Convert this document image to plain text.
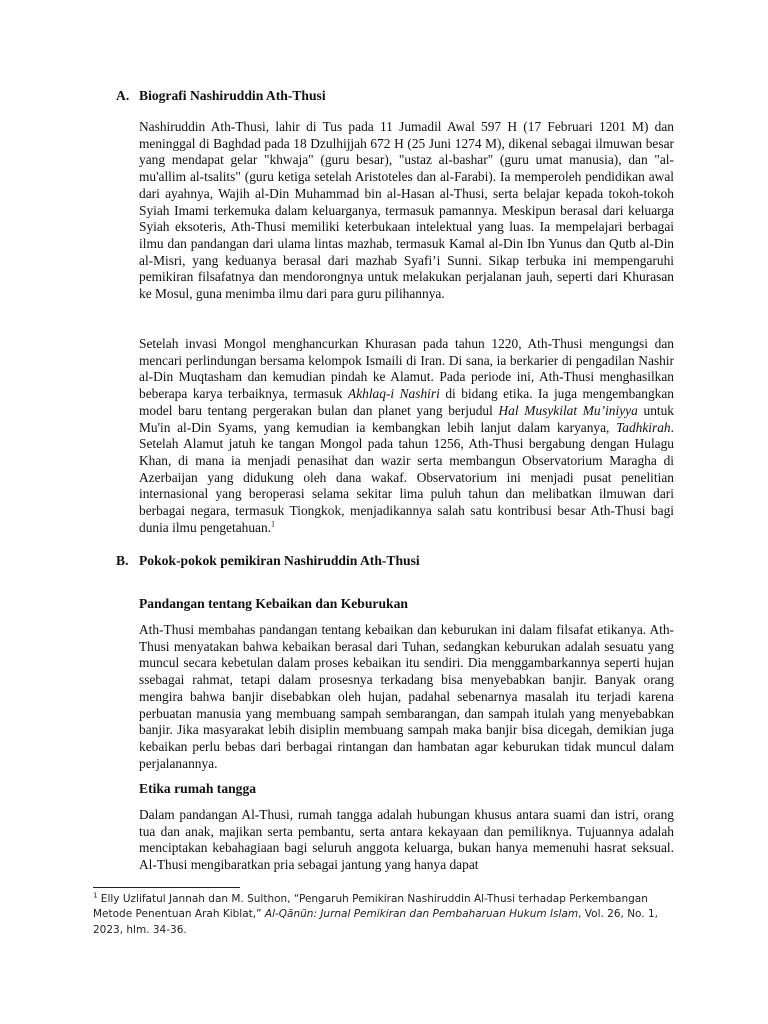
A. Biografi Nashiruddin Ath-Thusi

Nashiruddin Ath-Thusi, lahir di Tus pada 11 Jumadil Awal 597 H (17 Februari 1201 M) dan meninggal di Baghdad pada 18 Dzulhijjah 672 H (25 Juni 1274 M), dikenal sebagai ilmuwan besar yang mendapat gelar "khwaja" (guru besar), "ustaz al-bashar" (guru umat manusia), dan "al-mu'allim al-tsalits" (guru ketiga setelah Aristoteles dan al-Farabi). Ia memperoleh pendidikan awal dari ayahnya, Wajih al-Din Muhammad bin al-Hasan al-Thusi, serta belajar kepada tokoh-tokoh Syiah Imami terkemuka dalam keluarganya, termasuk pamannya. Meskipun berasal dari keluarga Syiah eksoteris, Ath-Thusi memiliki keterbukaan intelektual yang luas. Ia mempelajari berbagai ilmu dan pandangan dari ulama lintas mazhab, termasuk Kamal al-Din Ibn Yunus dan Qutb al-Din al-Misri, yang keduanya berasal dari mazhab Syafi’i Sunni. Sikap terbuka ini mempengaruhi pemikiran filsafatnya dan mendorongnya untuk melakukan perjalanan jauh, seperti dari Khurasan ke Mosul, guna menimba ilmu dari para guru pilihannya.

Setelah invasi Mongol menghancurkan Khurasan pada tahun 1220, Ath-Thusi mengungsi dan mencari perlindungan bersama kelompok Ismaili di Iran. Di sana, ia berkarier di pengadilan Nashir al-Din Muqtasham dan kemudian pindah ke Alamut. Pada periode ini, Ath-Thusi menghasilkan beberapa karya terbaiknya, termasuk Akhlaq-i Nashiri di bidang etika. Ia juga mengembangkan model baru tentang pergerakan bulan dan planet yang berjudul Hal Musykilat Mu’iniyya untuk Mu'in al-Din Syams, yang kemudian ia kembangkan lebih lanjut dalam karyanya, Tadhkirah. Setelah Alamut jatuh ke tangan Mongol pada tahun 1256, Ath-Thusi bergabung dengan Hulagu Khan, di mana ia menjadi penasihat dan wazir serta membangun Observatorium Maragha di Azerbaijan yang didukung oleh dana wakaf. Observatorium ini menjadi pusat penelitian internasional yang beroperasi selama sekitar lima puluh tahun dan melibatkan ilmuwan dari berbagai negara, termasuk Tiongkok, menjadikannya salah satu kontribusi besar Ath-Thusi bagi dunia ilmu pengetahuan.$^1$

B. Pokok-pokok pemikiran Nashiruddin Ath-Thusi
Pandangan tentang Kebaikan dan Keburukan

Ath-Thusi membahas pandangan tentang kebaikan dan keburukan ini dalam filsafat etikanya. Ath-Thusi menyatakan bahwa kebaikan berasal dari Tuhan, sedangkan keburukan adalah sesuatu yang muncul secara kebetulan dalam proses kebaikan itu sendiri. Dia menggambarkannya seperti hujan ssebagai rahmat, tetapi dalam prosesnya terkadang bisa menyebabkan banjir. Banyak orang mengira bahwa banjir disebabkan oleh hujan, padahal sebenarnya masalah itu terjadi karena perbuatan manusia yang membuang sampah sembarangan, dan sampah itulah yang menyebabkan banjir. Jika masyarakat lebih disiplin membuang sampah maka banjir bisa dicegah, demikian juga kebaikan perlu bebas dari berbagai rintangan dan hambatan agar keburukan tidak muncul dalam perjalanannya.

Etika rumah tangga

Dalam pandangan Al-Thusi, rumah tangga adalah hubungan khusus antara suami dan istri, orang tua dan anak, majikan serta pembantu, serta antara kekayaan dan pemiliknya. Tujuannya adalah menciptakan kebahagiaan bagi seluruh anggota keluarga, bukan hanya memenuhi hasrat seksual. Al-Thusi mengibaratkan pria sebagai jantung yang hanya dapat

$^1$ Elly Uzlifatul Jannah dan M. Sulthon, “Pengaruh Pemikiran Nashiruddin Al-Thusi terhadap Perkembangan Metode Penentuan Arah Kiblat,” Al-Qānūn: Jurnal Pemikiran dan Pembaharuan Hukum Islam, Vol. 26, No. 1, 2023, hlm. 34-36.
